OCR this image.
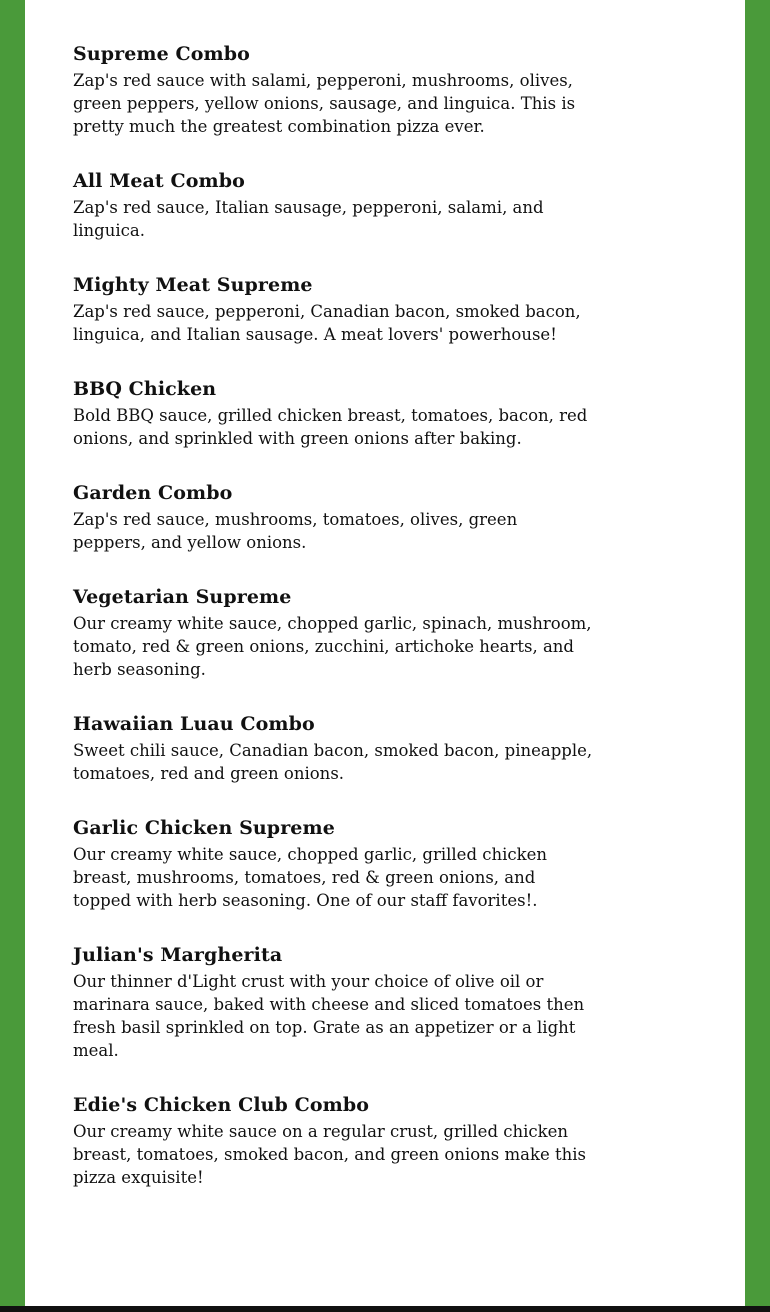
Supreme Combo

Zap's red sauce with salami, pepperoni, mushrooms, olives, green peppers, yellow onions, sausage, and linguica. This is pretty much the greatest combination pizza ever.

All Meat Combo

Zap's red sauce, Italian sausage, pepperoni, salami, and linguica.

Mighty Meat Supreme

Zap's red sauce, pepperoni, Canadian bacon, smoked bacon, linguica, and Italian sausage. A meat lovers' powerhouse!

BBQ Chicken

Bold BBQ sauce, grilled chicken breast, tomatoes, bacon, red onions, and sprinkled with green onions after baking.

Garden Combo

Zap's red sauce, mushrooms, tomatoes, olives, green peppers, and yellow onions.

Vegetarian Supreme

Our creamy white sauce, chopped garlic, spinach, mushroom, tomato, red & green onions, zucchini, artichoke hearts, and herb seasoning.

Hawaiian Luau Combo

Sweet chili sauce, Canadian bacon, smoked bacon, pineapple, tomatoes, red and green onions.

Garlic Chicken Supreme

Our creamy white sauce, chopped garlic, grilled chicken breast, mushrooms, tomatoes, red & green onions, and topped with herb seasoning. One of our staff favorites!.

Julian's Margherita

Our thinner d'Light crust with your choice of olive oil or marinara sauce, baked with cheese and sliced tomatoes then fresh basil sprinkled on top. Grate as an appetizer or a light meal.

Edie's Chicken Club Combo

Our creamy white sauce on a regular crust, grilled chicken breast, tomatoes, smoked bacon, and green onions make this pizza exquisite!
